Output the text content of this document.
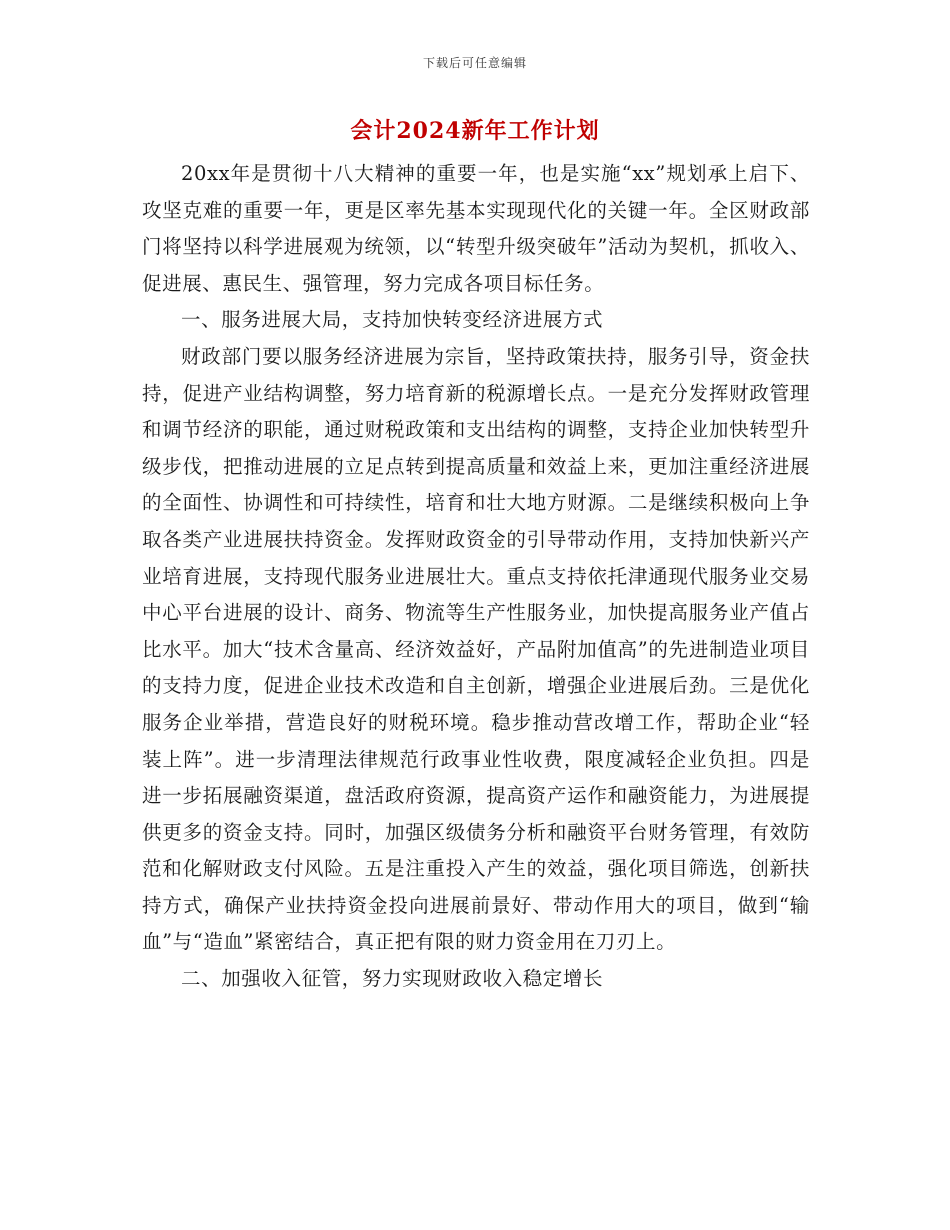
下载后可任意编辑
会计2024新年工作计划

20xx年是贯彻十八大精神的重要一年，也是实施“xx”规划承上启下、攻坚克难的重要一年，更是区率先基本实现现代化的关键一年。全区财政部门将坚持以科学进展观为统领，以“转型升级突破年”活动为契机，抓收入、促进展、惠民生、强管理，努力完成各项目标任务。

一、服务进展大局，支持加快转变经济进展方式

财政部门要以服务经济进展为宗旨，坚持政策扶持，服务引导，资金扶持，促进产业结构调整，努力培育新的税源增长点。一是充分发挥财政管理和调节经济的职能，通过财税政策和支出结构的调整，支持企业加快转型升级步伐，把推动进展的立足点转到提高质量和效益上来，更加注重经济进展的全面性、协调性和可持续性，培育和壮大地方财源。二是继续积极向上争取各类产业进展扶持资金。发挥财政资金的引导带动作用，支持加快新兴产业培育进展，支持现代服务业进展壮大。重点支持依托津通现代服务业交易中心平台进展的设计、商务、物流等生产性服务业，加快提高服务业产值占比水平。加大“技术含量高、经济效益好，产品附加值高”的先进制造业项目的支持力度，促进企业技术改造和自主创新，增强企业进展后劲。三是优化服务企业举措，营造良好的财税环境。稳步推动营改增工作，帮助企业“轻装上阵”。进一步清理法律规范行政事业性收费，限度减轻企业负担。四是进一步拓展融资渠道，盘活政府资源，提高资产运作和融资能力，为进展提供更多的资金支持。同时，加强区级债务分析和融资平台财务管理，有效防范和化解财政支付风险。五是注重投入产生的效益，强化项目筛选，创新扶持方式，确保产业扶持资金投向进展前景好、带动作用大的项目，做到“输血”与“造血”紧密结合，真正把有限的财力资金用在刀刃上。

二、加强收入征管，努力实现财政收入稳定增长
